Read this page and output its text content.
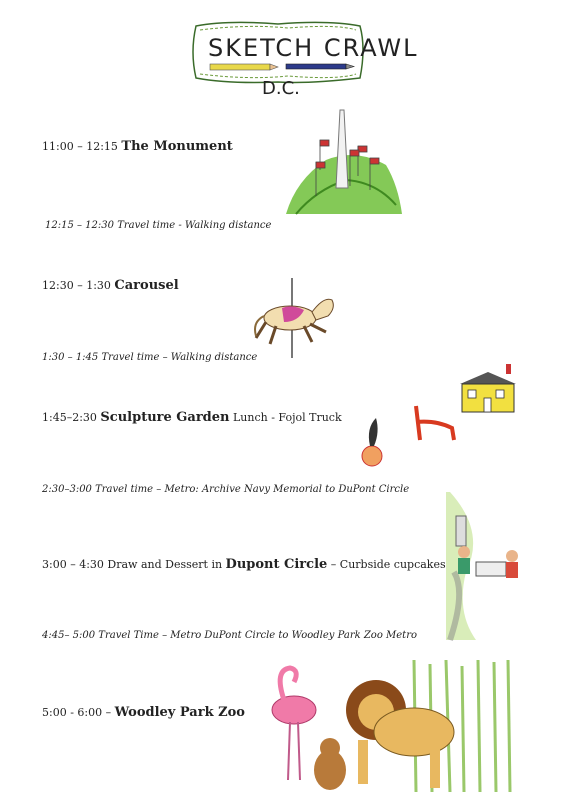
SKETCH CRAWL
D.C.
11:00 – 12:15 The Monument
12:15 – 12:30 Travel time - Walking distance
12:30 – 1:30 Carousel
1:30 – 1:45 Travel time – Walking distance
1:45–2:30 Sculpture Garden Lunch - Fojol Truck
2:30–3:00 Travel time – Metro: Archive Navy Memorial to DuPont Circle
3:00 – 4:30 Draw and Dessert in Dupont Circle – Curbside cupcakes
4:45– 5:00 Travel Time – Metro DuPont Circle to Woodley Park Zoo Metro
5:00 - 6:00 – Woodley Park Zoo
